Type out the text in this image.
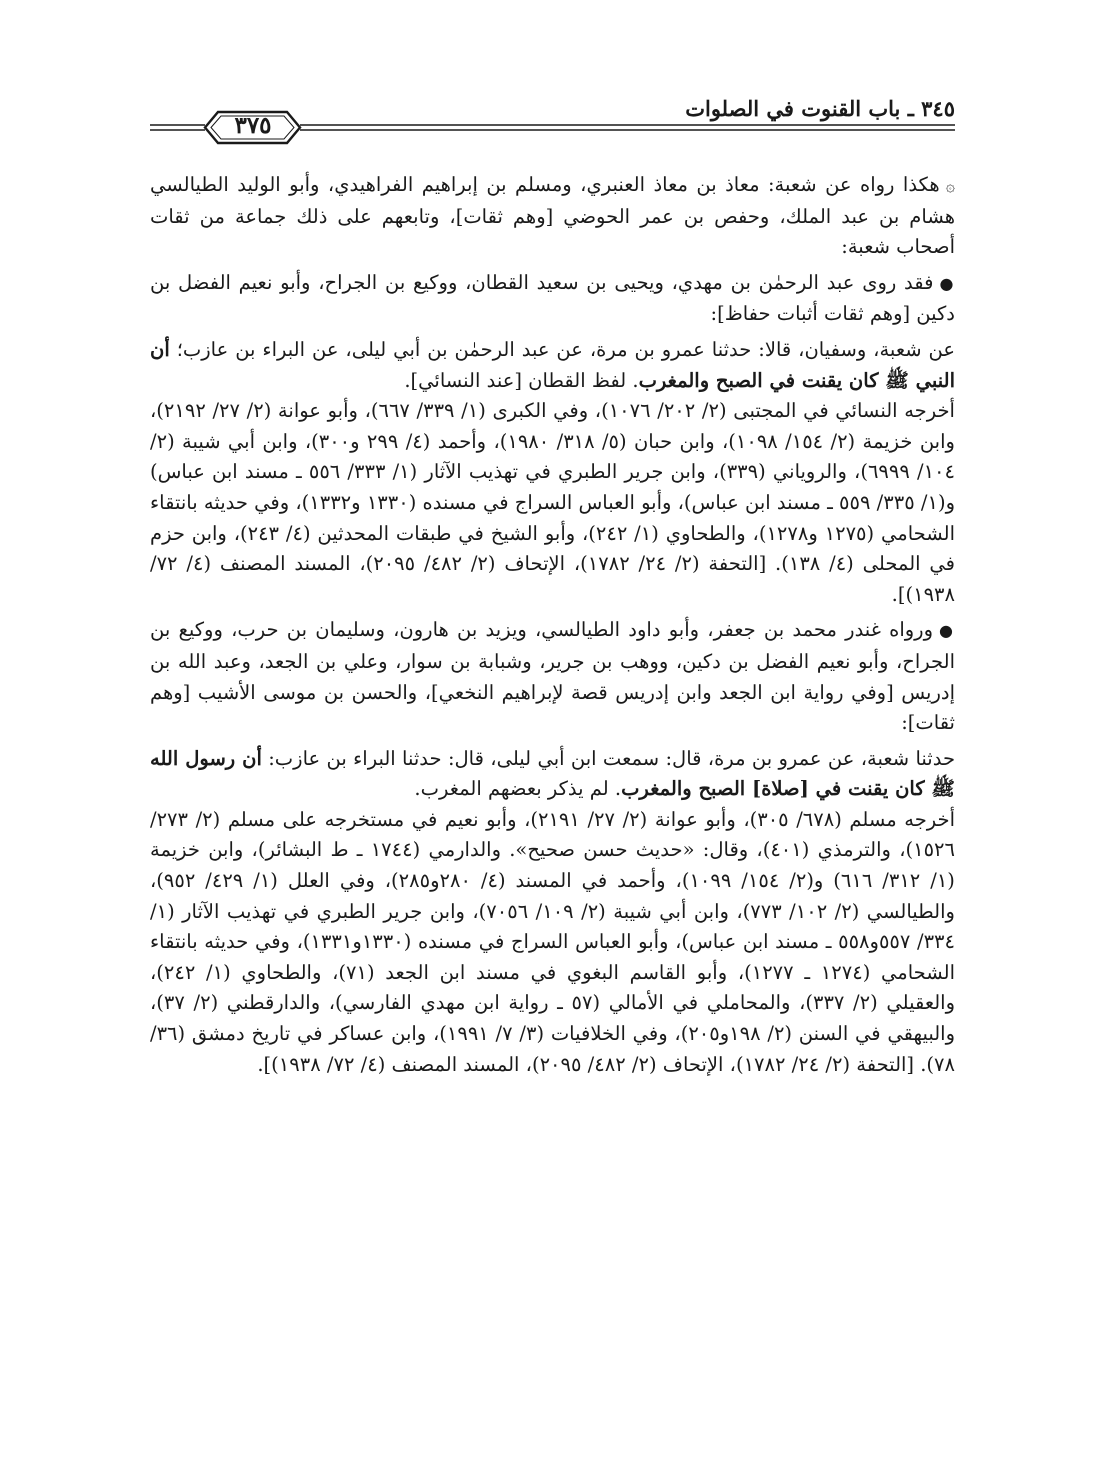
٣٤٥ ـ باب القنوت في الصلوات
٣٧٥

۞هكذا رواه عن شعبة: معاذ بن معاذ العنبري، ومسلم بن إبراهيم الفراهيدي، وأبو الوليد الطيالسي هشام بن عبد الملك، وحفص بن عمر الحوضي [وهم ثقات]، وتابعهم على ذلك جماعة من ثقات أصحاب شعبة:

●فقد روى عبد الرحمٰن بن مهدي، ويحيى بن سعيد القطان، ووكيع بن الجراح، وأبو نعيم الفضل بن دكين [وهم ثقات أثبات حفاظ]:

عن شعبة، وسفيان، قالا: حدثنا عمرو بن مرة، عن عبد الرحمٰن بن أبي ليلى، عن البراء بن عازب؛ أن النبي ﷺ كان يقنت في الصبح والمغرب. لفظ القطان [عند النسائي].

أخرجه النسائي في المجتبى (٢/ ٢٠٢/ ١٠٧٦)، وفي الكبرى (١/ ٣٣٩/ ٦٦٧)، وأبو عوانة (٢/ ٢٧/ ٢١٩٢)، وابن خزيمة (٢/ ١٥٤/ ١٠٩٨)، وابن حبان (٥/ ٣١٨/ ١٩٨٠)، وأحمد (٤/ ٢٩٩ و٣٠٠)، وابن أبي شيبة (٢/ ١٠٤/ ٦٩٩٩)، والروياني (٣٣٩)، وابن جرير الطبري في تهذيب الآثار (١/ ٣٣٣/ ٥٥٦ ـ مسند ابن عباس) و(١/ ٣٣٥/ ٥٥٩ ـ مسند ابن عباس)، وأبو العباس السراج في مسنده (١٣٣٠ و١٣٣٢)، وفي حديثه بانتقاء الشحامي (١٢٧٥ و١٢٧٨)، والطحاوي (١/ ٢٤٢)، وأبو الشيخ في طبقات المحدثين (٤/ ٢٤٣)، وابن حزم في المحلى (٤/ ١٣٨). [التحفة (٢/ ٢٤/ ١٧٨٢)، الإتحاف (٢/ ٤٨٢/ ٢٠٩٥)، المسند المصنف (٤/ ٧٢/ ١٩٣٨)].

●ورواه غندر محمد بن جعفر، وأبو داود الطيالسي، ويزيد بن هارون، وسليمان بن حرب، ووكيع بن الجراح، وأبو نعيم الفضل بن دكين، ووهب بن جرير، وشبابة بن سوار، وعلي بن الجعد، وعبد الله بن إدريس [وفي رواية ابن الجعد وابن إدريس قصة لإبراهيم النخعي]، والحسن بن موسى الأشيب [وهم ثقات]:

حدثنا شعبة، عن عمرو بن مرة، قال: سمعت ابن أبي ليلى، قال: حدثنا البراء بن عازب: أن رسول الله ﷺ كان يقنت في [صلاة] الصبح والمغرب. لم يذكر بعضهم المغرب.

أخرجه مسلم (٦٧٨/ ٣٠٥)، وأبو عوانة (٢/ ٢٧/ ٢١٩١)، وأبو نعيم في مستخرجه على مسلم (٢/ ٢٧٣/ ١٥٢٦)، والترمذي (٤٠١)، وقال: «حديث حسن صحيح». والدارمي (١٧٤٤ ـ ط البشائر)، وابن خزيمة (١/ ٣١٢/ ٦١٦) و(٢/ ١٥٤/ ١٠٩٩)، وأحمد في المسند (٤/ ٢٨٠و٢٨٥)، وفي العلل (١/ ٤٢٩/ ٩٥٢)، والطيالسي (٢/ ١٠٢/ ٧٧٣)، وابن أبي شيبة (٢/ ١٠٩/ ٧٠٥٦)، وابن جرير الطبري في تهذيب الآثار (١/ ٣٣٤/ ٥٥٧و٥٥٨ ـ مسند ابن عباس)، وأبو العباس السراج في مسنده (١٣٣٠و١٣٣١)، وفي حديثه بانتقاء الشحامي (١٢٧٤ ـ ١٢٧٧)، وأبو القاسم البغوي في مسند ابن الجعد (٧١)، والطحاوي (١/ ٢٤٢)، والعقيلي (٢/ ٣٣٧)، والمحاملي في الأمالي (٥٧ ـ رواية ابن مهدي الفارسي)، والدارقطني (٢/ ٣٧)، والبيهقي في السنن (٢/ ١٩٨و٢٠٥)، وفي الخلافيات (٣/ ٧/ ١٩٩١)، وابن عساكر في تاريخ دمشق (٣٦/ ٧٨). [التحفة (٢/ ٢٤/ ١٧٨٢)، الإتحاف (٢/ ٤٨٢/ ٢٠٩٥)، المسند المصنف (٤/ ٧٢/ ١٩٣٨)].
